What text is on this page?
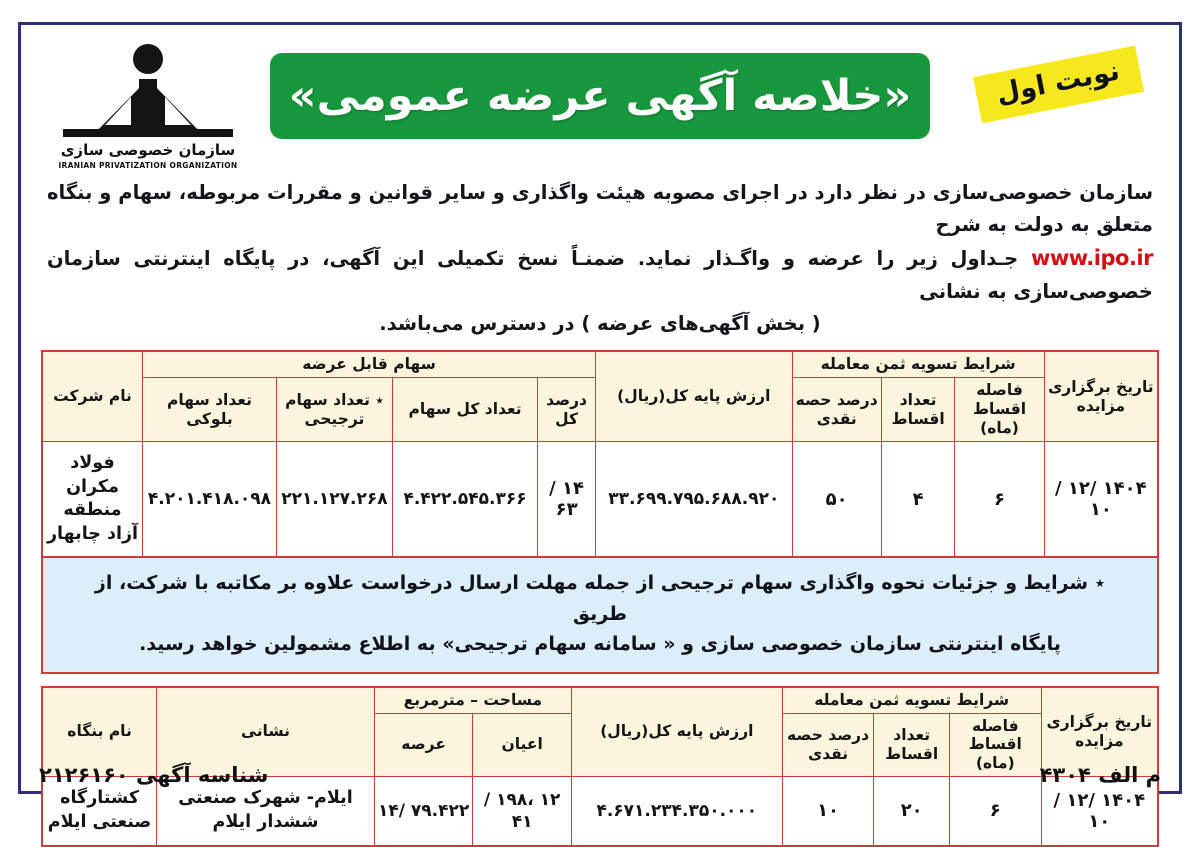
نوبت اول
«خلاصه آگهی عرضه عمومی»
سازمان خصوصی سازی
IRANIAN PRIVATIZATION ORGANIZATION
سازمان خصوصی‌سازی در نظر دارد در اجرای مصوبه هیئت واگذاری و سایر قوانین و مقررات مربوطه، سهام و بنگاه متعلق به دولت به شرح
www.ipo.ir جـداول زیر را عرضه و واگـذار نماید. ضمنـاً نسخ تکمیلی این آگهی، در پایگاه اینترنتی سازمان خصوصی‌سازی به نشانی
( بخش آگهی‌های عرضه ) در دسترس می‌باشد.
تاریخ برگزاری مزایده	شرایط تسویه ثمن معامله			ارزش پایه کل(ریال)	سهام قابل عرضه				نام شرکت
	فاصله اقساط (ماه)	تعداد اقساط	درصد حصه نقدی		درصد کل	تعداد کل سهام	٭ تعداد سهام ترجیحی	تعداد سهام بلوکی	
۱۴۰۴ /۱۲ /۱۰	۶	۴	۵۰	۳۳.۶۹۹.۷۹۵.۶۸۸.۹۲۰	۱۴ /۶۳	۴.۴۲۲.۵۴۵.۳۶۶	۲۲۱.۱۲۷.۲۶۸	۴.۲۰۱.۴۱۸.۰۹۸	فولاد مکران منطقه آزاد چابهار
٭ شرایط و جزئیات نحوه واگذاری سهام ترجیحی از جمله مهلت ارسال درخواست علاوه بر مکاتبه با شرکت، از طریق
پایگاه اینترنتی سازمان خصوصی سازی و « سامانه سهام ترجیحی» به اطلاع مشمولین خواهد رسید.
تاریخ برگزاری مزایده	شرایط تسویه ثمن معامله			ارزش پایه کل(ریال)	مساحت – مترمربع		نشانی	نام بنگاه
	فاصله اقساط (ماه)	تعداد اقساط	درصد حصه نقدی		اعیان	عرصه		
۱۴۰۴ /۱۲ /۱۰	۶	۲۰	۱۰	۴.۶۷۱.۲۳۴.۳۵۰.۰۰۰	۱۲ ،۱۹۸ /۴۱	۷۹.۴۲۲ /۱۴	ایلام- شهرک صنعتی ششدار ایلام	کشتارگاه صنعتی ایلام
م الف ۴۳۰۴
شناسه آگهی ۲۱۲۶۱۶۰
